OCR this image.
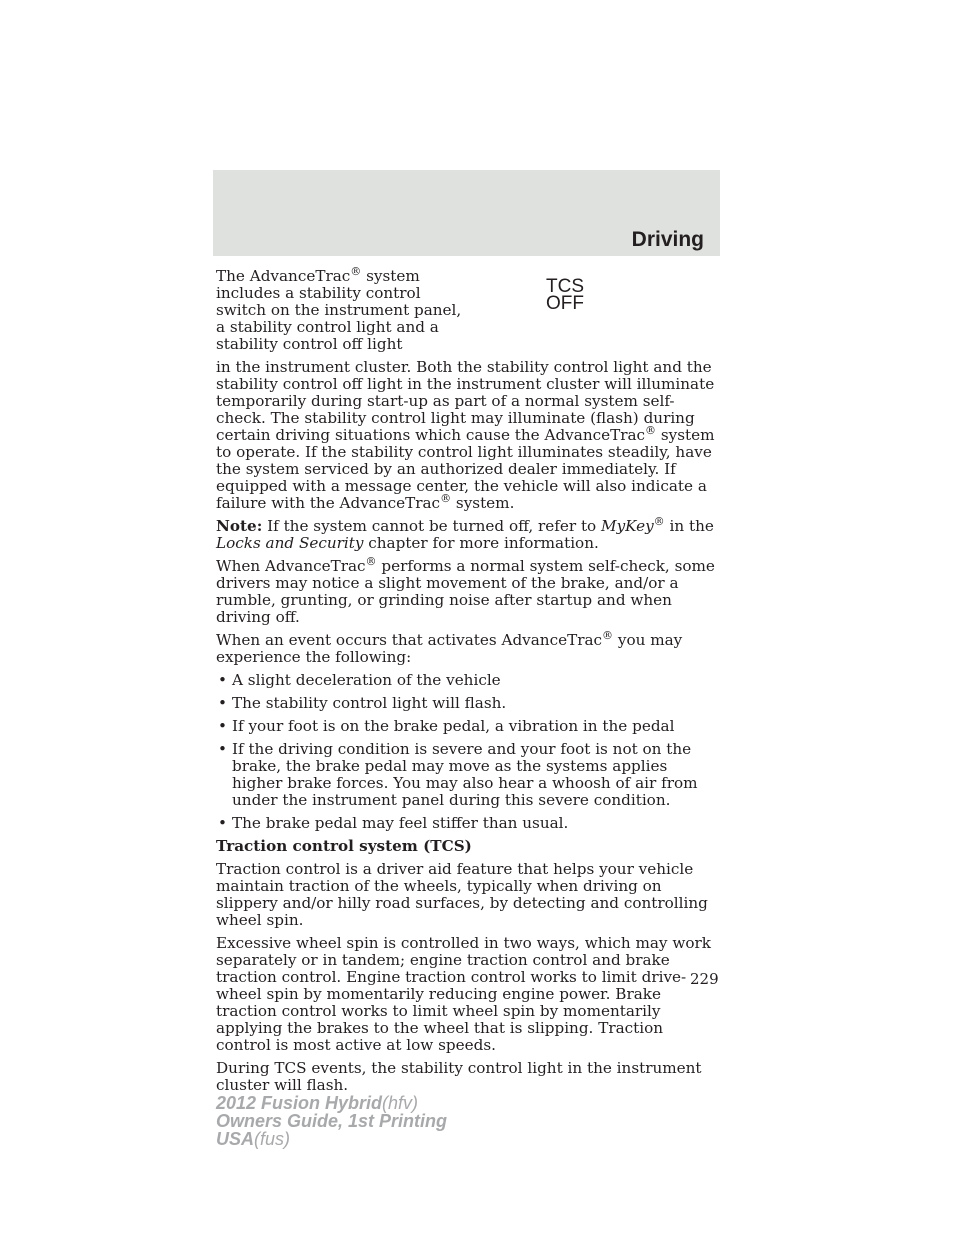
Driving

The AdvanceTrac® system includes a stability control switch on the instrument panel, a stability control light and a stability control off light

TCS
OFF

in the instrument cluster. Both the stability control light and the stability control off light in the instrument cluster will illuminate temporarily during start-up as part of a normal system self-check. The stability control light may illuminate (flash) during certain driving situations which cause the AdvanceTrac® system to operate. If the stability control light illuminates steadily, have the system serviced by an authorized dealer immediately. If equipped with a message center, the vehicle will also indicate a failure with the AdvanceTrac® system.

Note: If the system cannot be turned off, refer to MyKey® in the Locks and Security chapter for more information.

When AdvanceTrac® performs a normal system self-check, some drivers may notice a slight movement of the brake, and/or a rumble, grunting, or grinding noise after startup and when driving off.

When an event occurs that activates AdvanceTrac® you may experience the following:

• A slight deceleration of the vehicle
• The stability control light will flash.
• If your foot is on the brake pedal, a vibration in the pedal
• If the driving condition is severe and your foot is not on the brake, the brake pedal may move as the systems applies higher brake forces. You may also hear a whoosh of air from under the instrument panel during this severe condition.
• The brake pedal may feel stiffer than usual.

Traction control system (TCS)

Traction control is a driver aid feature that helps your vehicle maintain traction of the wheels, typically when driving on slippery and/or hilly road surfaces, by detecting and controlling wheel spin.

Excessive wheel spin is controlled in two ways, which may work separately or in tandem; engine traction control and brake traction control. Engine traction control works to limit drive-wheel spin by momentarily reducing engine power. Brake traction control works to limit wheel spin by momentarily applying the brakes to the wheel that is slipping. Traction control is most active at low speeds.

During TCS events, the stability control light in the instrument cluster will flash.

229
2012 Fusion Hybrid(hfv)
Owners Guide, 1st Printing
USA(fus)
